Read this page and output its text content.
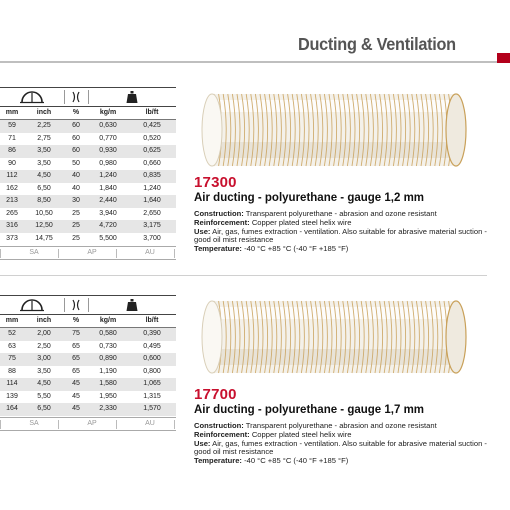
Ducting & Ventilation
mm	inch	%	kg/m	lb/ft
59	2,25	60	0,630	0,425
71	2,75	60	0,770	0,520
86	3,50	60	0,930	0,625
90	3,50	50	0,980	0,660
112	4,50	40	1,240	0,835
162	6,50	40	1,840	1,240
213	8,50	30	2,440	1,640
265	10,50	25	3,940	2,650
316	12,50	25	4,720	3,175
373	14,75	25	5,500	3,700
SA	AP	AU
mm	inch	%	kg/m	lb/ft
52	2,00	75	0,580	0,390
63	2,50	65	0,730	0,495
75	3,00	65	0,890	0,600
88	3,50	65	1,190	0,800
114	4,50	45	1,580	1,065
139	5,50	45	1,950	1,315
164	6,50	45	2,330	1,570
SA	AP	AU
17300
Air ducting - polyurethane - gauge 1,2 mm
Construction: Transparent polyurethane - abrasion and ozone resistant
Reinforcement: Copper plated steel helix wire
Use: Air, gas, fumes extraction - ventilation. Also suitable for abrasive material suction - good oil mist resistance
Temperature: -40 °C +85 °C (-40 °F +185 °F)
17700
Air ducting - polyurethane - gauge 1,7 mm
Construction: Transparent polyurethane - abrasion and ozone resistant
Reinforcement: Copper plated steel helix wire
Use: Air, gas, fumes extraction - ventilation. Also suitable for abrasive material suction - good oil mist resistance
Temperature: -40 °C +85 °C (-40 °F +185 °F)
